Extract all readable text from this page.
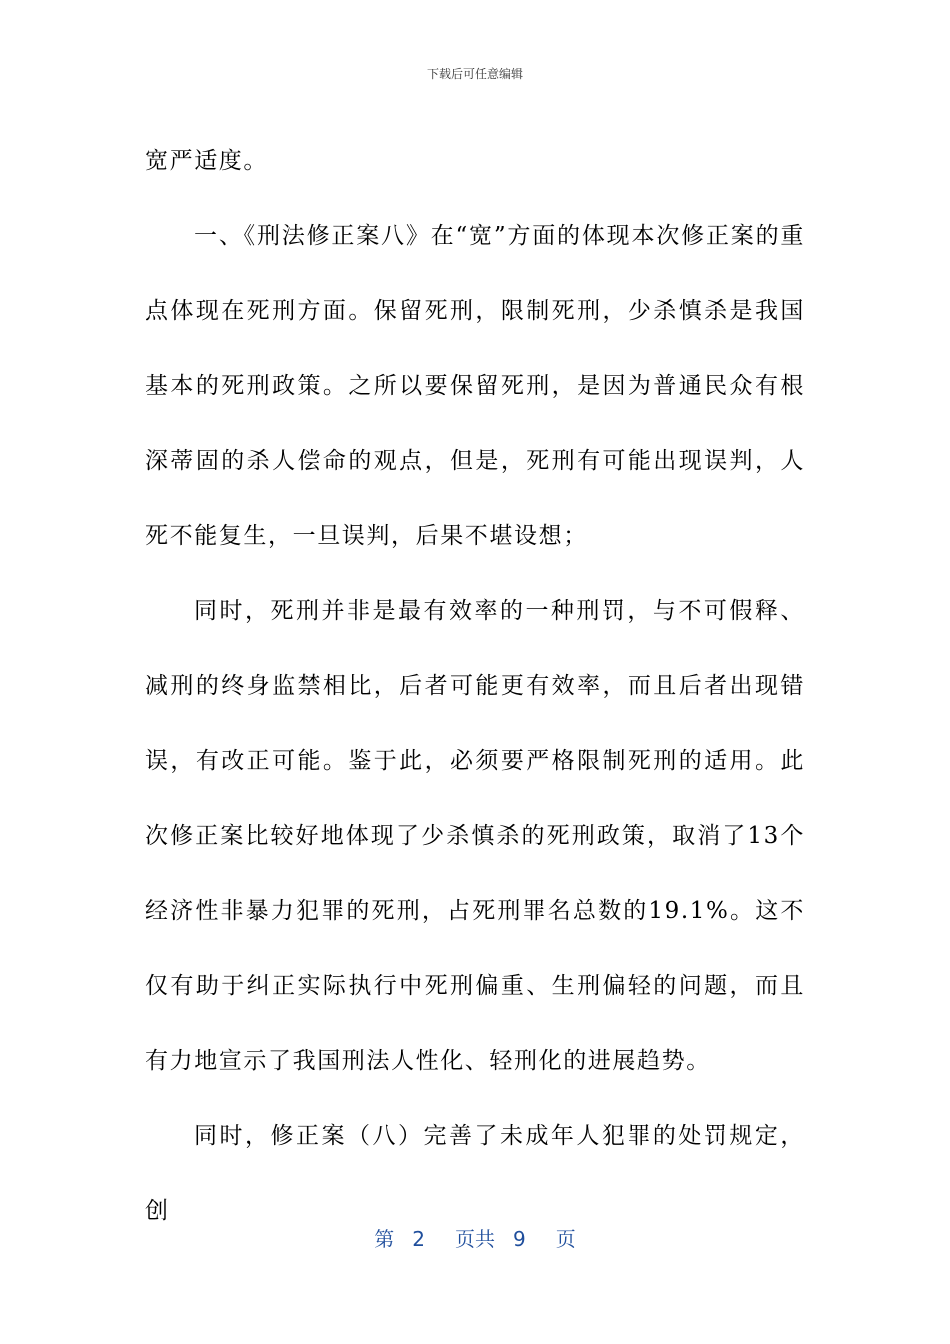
下载后可任意编辑

宽严适度。

一、《刑法修正案八》在“宽”方面的体现本次修正案的重点体现在死刑方面。保留死刑，限制死刑，少杀慎杀是我国基本的死刑政策。之所以要保留死刑，是因为普通民众有根深蒂固的杀人偿命的观点，但是，死刑有可能出现误判，人死不能复生，一旦误判，后果不堪设想；

同时，死刑并非是最有效率的一种刑罚，与不可假释、减刑的终身监禁相比，后者可能更有效率，而且后者出现错误，有改正可能。鉴于此，必须要严格限制死刑的适用。此次修正案比较好地体现了少杀慎杀的死刑政策，取消了13个经济性非暴力犯罪的死刑，占死刑罪名总数的19.1%。这不仅有助于纠正实际执行中死刑偏重、生刑偏轻的问题，而且有力地宣示了我国刑法人性化、轻刑化的进展趋势。

同时，修正案（八）完善了未成年人犯罪的处罚规定，创

第 2 页共 9 页
